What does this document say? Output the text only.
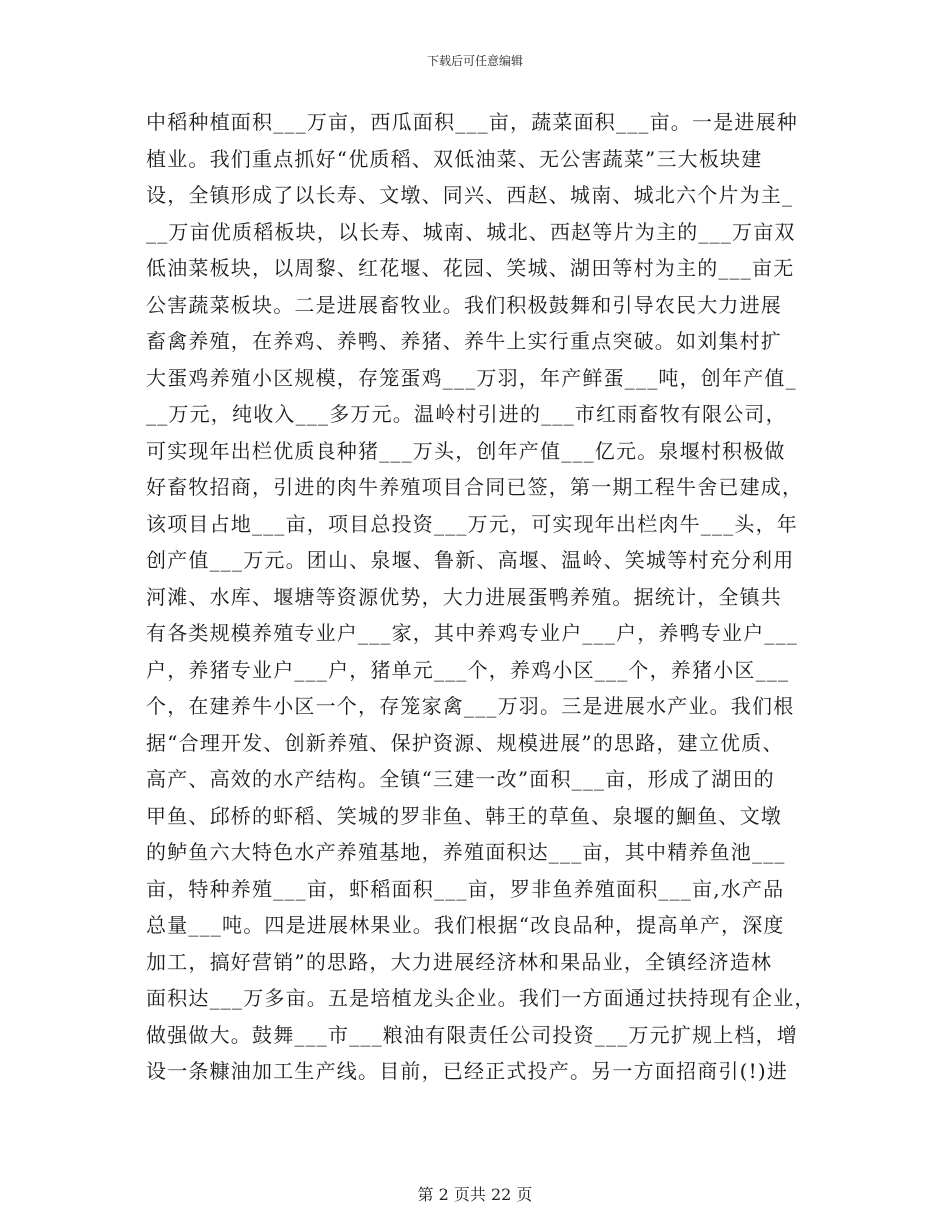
下载后可任意编辑
中稻种植面积___万亩，西瓜面积___亩，蔬菜面积___亩。一是进展种
植业。我们重点抓好“优质稻、双低油菜、无公害蔬菜”三大板块建
设，全镇形成了以长寿、文墩、同兴、西赵、城南、城北六个片为主_
__万亩优质稻板块，以长寿、城南、城北、西赵等片为主的___万亩双
低油菜板块，以周黎、红花堰、花园、笑城、湖田等村为主的___亩无
公害蔬菜板块。二是进展畜牧业。我们积极鼓舞和引导农民大力进展
畜禽养殖，在养鸡、养鸭、养猪、养牛上实行重点突破。如刘集村扩
大蛋鸡养殖小区规模，存笼蛋鸡___万羽，年产鲜蛋___吨，创年产值_
__万元，纯收入___多万元。温岭村引进的___市红雨畜牧有限公司，
可实现年出栏优质良种猪___万头，创年产值___亿元。泉堰村积极做
好畜牧招商，引进的肉牛养殖项目合同已签，第一期工程牛舍已建成，
该项目占地___亩，项目总投资___万元，可实现年出栏肉牛___头，年
创产值___万元。团山、泉堰、鲁新、高堰、温岭、笑城等村充分利用
河滩、水库、堰塘等资源优势，大力进展蛋鸭养殖。据统计，全镇共
有各类规模养殖专业户___家，其中养鸡专业户___户，养鸭专业户___
户，养猪专业户___户，猪单元___个，养鸡小区___个，养猪小区___
个，在建养牛小区一个，存笼家禽___万羽。三是进展水产业。我们根
据“合理开发、创新养殖、保护资源、规模进展”的思路，建立优质、
高产、高效的水产结构。全镇“三建一改”面积___亩，形成了湖田的
甲鱼、邱桥的虾稻、笑城的罗非鱼、韩王的草鱼、泉堰的鮰鱼、文墩
的鲈鱼六大特色水产养殖基地，养殖面积达___亩，其中精养鱼池___
亩，特种养殖___亩，虾稻面积___亩，罗非鱼养殖面积___亩,水产品
总量___吨。四是进展林果业。我们根据“改良品种，提高单产，深度
加工，搞好营销”的思路，大力进展经济林和果品业，全镇经济造林
面积达___万多亩。五是培植龙头企业。我们一方面通过扶持现有企业，
做强做大。鼓舞___市___粮油有限责任公司投资___万元扩规上档，增
设一条糠油加工生产线。目前，已经正式投产。另一方面招商引(!)进
第 2 页共 22 页
